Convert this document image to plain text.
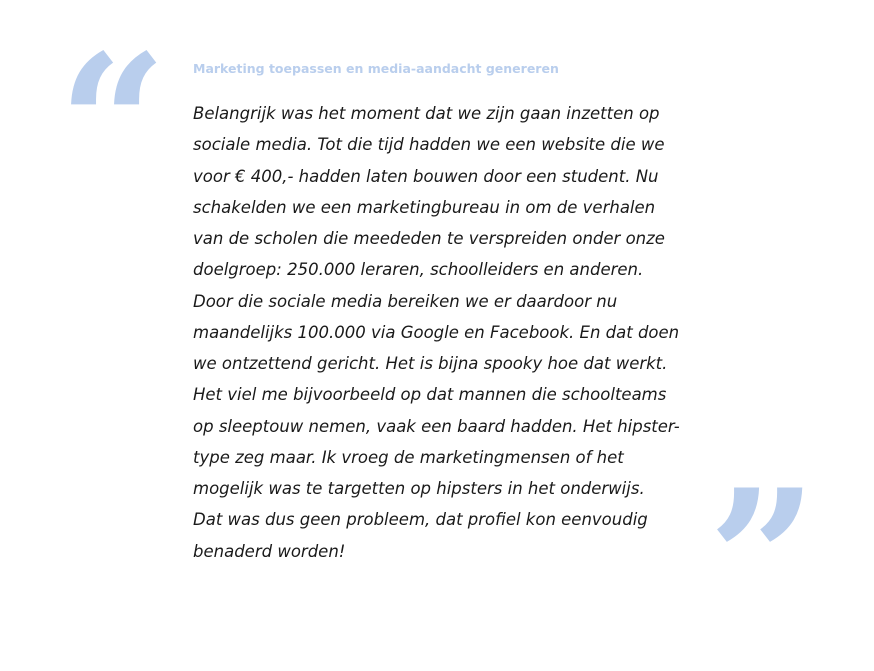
“	Marketing toepassen en media-aandacht genereren
Belangrijk was het moment dat we zijn gaan inzetten op
sociale media. Tot die tijd hadden we een website die we
voor € 400,- hadden laten bouwen door een student. Nu
schakelden we een marketingbureau in om de verhalen
van de scholen die meededen te verspreiden onder onze
doelgroep: 250.000 leraren, schoolleiders en anderen.
Door die sociale media bereiken we er daardoor nu
maandelijks 100.000 via Google en Facebook. En dat doen
we ontzettend gericht. Het is bijna spooky hoe dat werkt.
Het viel me bijvoorbeeld op dat mannen die schoolteams
op sleeptouw nemen, vaak een baard hadden. Het hipster-
type zeg maar. Ik vroeg de marketingmensen of het
mogelijk was te targetten op hipsters in het onderwijs.
Dat was dus geen probleem, dat profiel kon eenvoudig
benaderd worden!	”
